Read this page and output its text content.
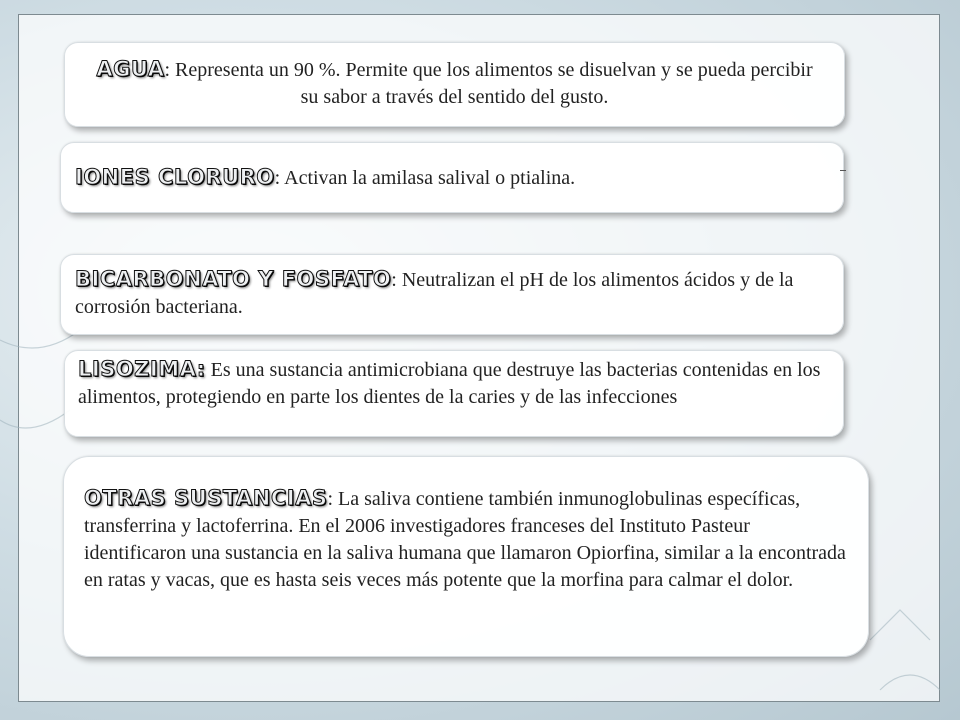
AGUA: Representa un 90 %. Permite que los alimentos se disuelvan y se pueda percibir su sabor a través del sentido del gusto.
IONES CLORURO: Activan la amilasa salival o ptialina.
BICARBONATO Y FOSFATO: Neutralizan el pH de los alimentos ácidos y de la corrosión bacteriana.
LISOZIMA: Es una sustancia antimicrobiana que destruye las bacterias contenidas en los alimentos, protegiendo en parte los dientes de la caries y de las infecciones
OTRAS SUSTANCIAS: La saliva contiene también inmunoglobulinas específicas, transferrina y lactoferrina. En el 2006 investigadores franceses del Instituto Pasteur identificaron una sustancia en la saliva humana que llamaron Opiorfina, similar a la encontrada en ratas y vacas, que es hasta seis veces más potente que la morfina para calmar el dolor.
